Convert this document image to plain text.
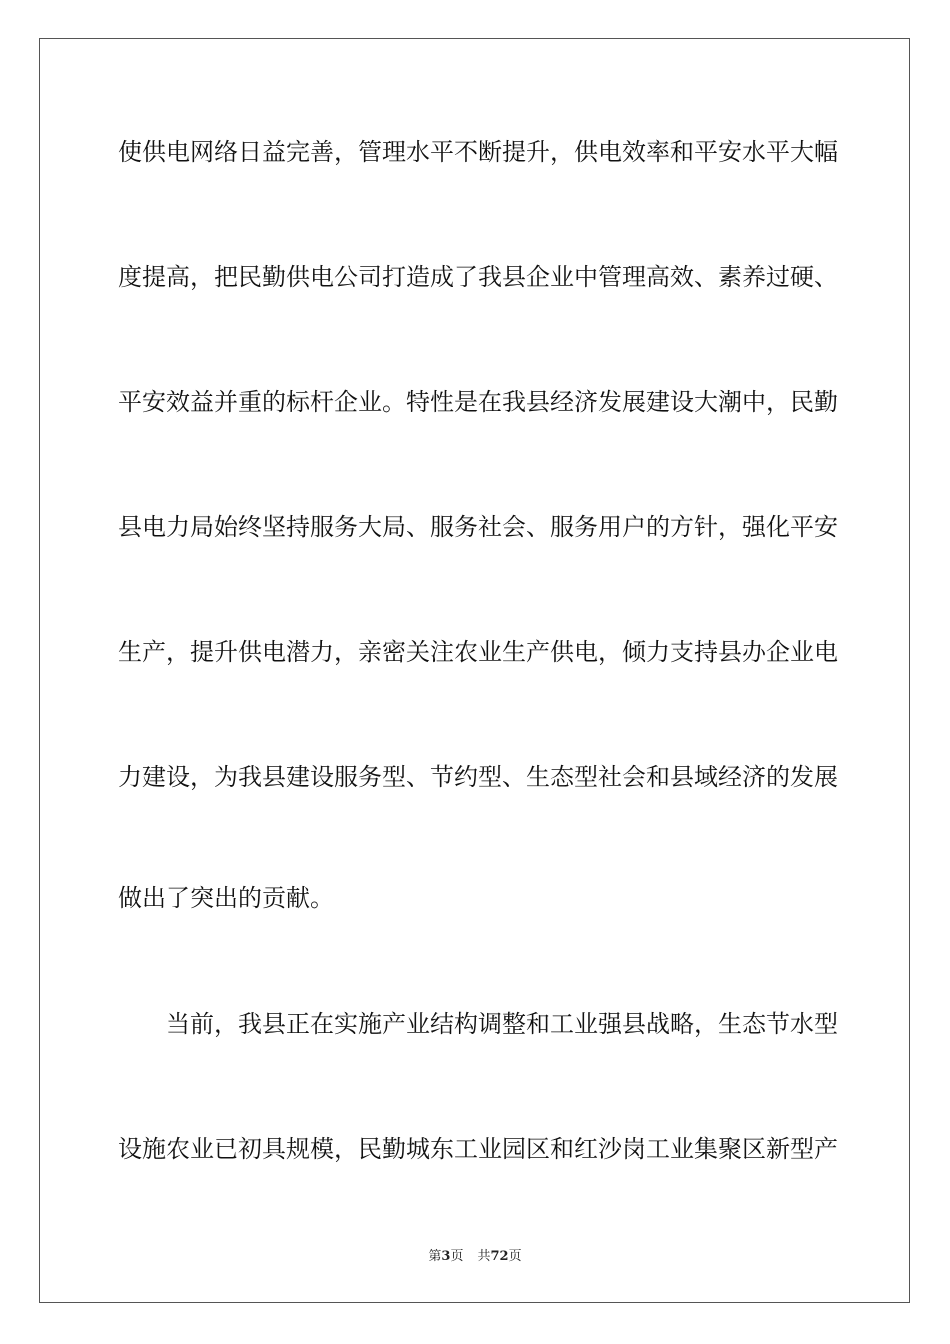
使供电网络日益完善，管理水平不断提升，供电效率和平安水平大幅
度提高，把民勤供电公司打造成了我县企业中管理高效、素养过硬、
平安效益并重的标杆企业。特性是在我县经济发展建设大潮中，民勤
县电力局始终坚持服务大局、服务社会、服务用户的方针，强化平安
生产，提升供电潜力，亲密关注农业生产供电，倾力支持县办企业电
力建设，为我县建设服务型、节约型、生态型社会和县域经济的发展
做出了突出的贡献。
当前，我县正在实施产业结构调整和工业强县战略，生态节水型
设施农业已初具规模，民勤城东工业园区和红沙岗工业集聚区新型产
第3页 共72页
